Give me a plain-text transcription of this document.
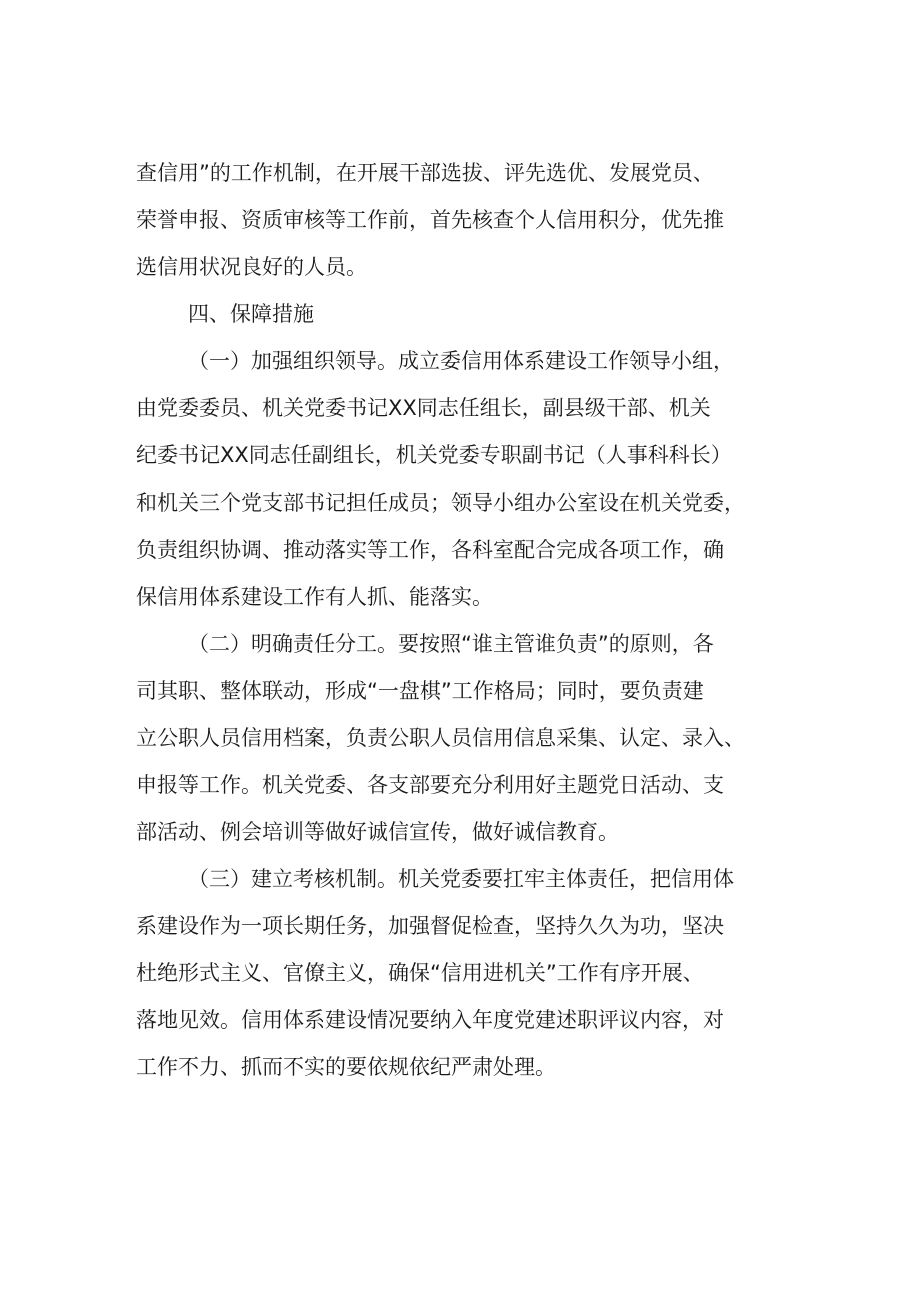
查信用”的工作机制，在开展干部选拔、评先选优、发展党员、
荣誉申报、资质审核等工作前，首先核查个人信用积分，优先推
选信用状况良好的人员。
四、保障措施
（一）加强组织领导。成立委信用体系建设工作领导小组，
由党委委员、机关党委书记XX同志任组长，副县级干部、机关
纪委书记XX同志任副组长，机关党委专职副书记（人事科科长）
和机关三个党支部书记担任成员；领导小组办公室设在机关党委，
负责组织协调、推动落实等工作，各科室配合完成各项工作，确
保信用体系建设工作有人抓、能落实。
（二）明确责任分工。要按照“谁主管谁负责”的原则，各
司其职、整体联动，形成“一盘棋”工作格局；同时，要负责建
立公职人员信用档案，负责公职人员信用信息采集、认定、录入、
申报等工作。机关党委、各支部要充分利用好主题党日活动、支
部活动、例会培训等做好诚信宣传，做好诚信教育。
（三）建立考核机制。机关党委要扛牢主体责任，把信用体
系建设作为一项长期任务，加强督促检查，坚持久久为功，坚决
杜绝形式主义、官僚主义，确保“信用进机关”工作有序开展、
落地见效。信用体系建设情况要纳入年度党建述职评议内容，对
工作不力、抓而不实的要依规依纪严肃处理。
